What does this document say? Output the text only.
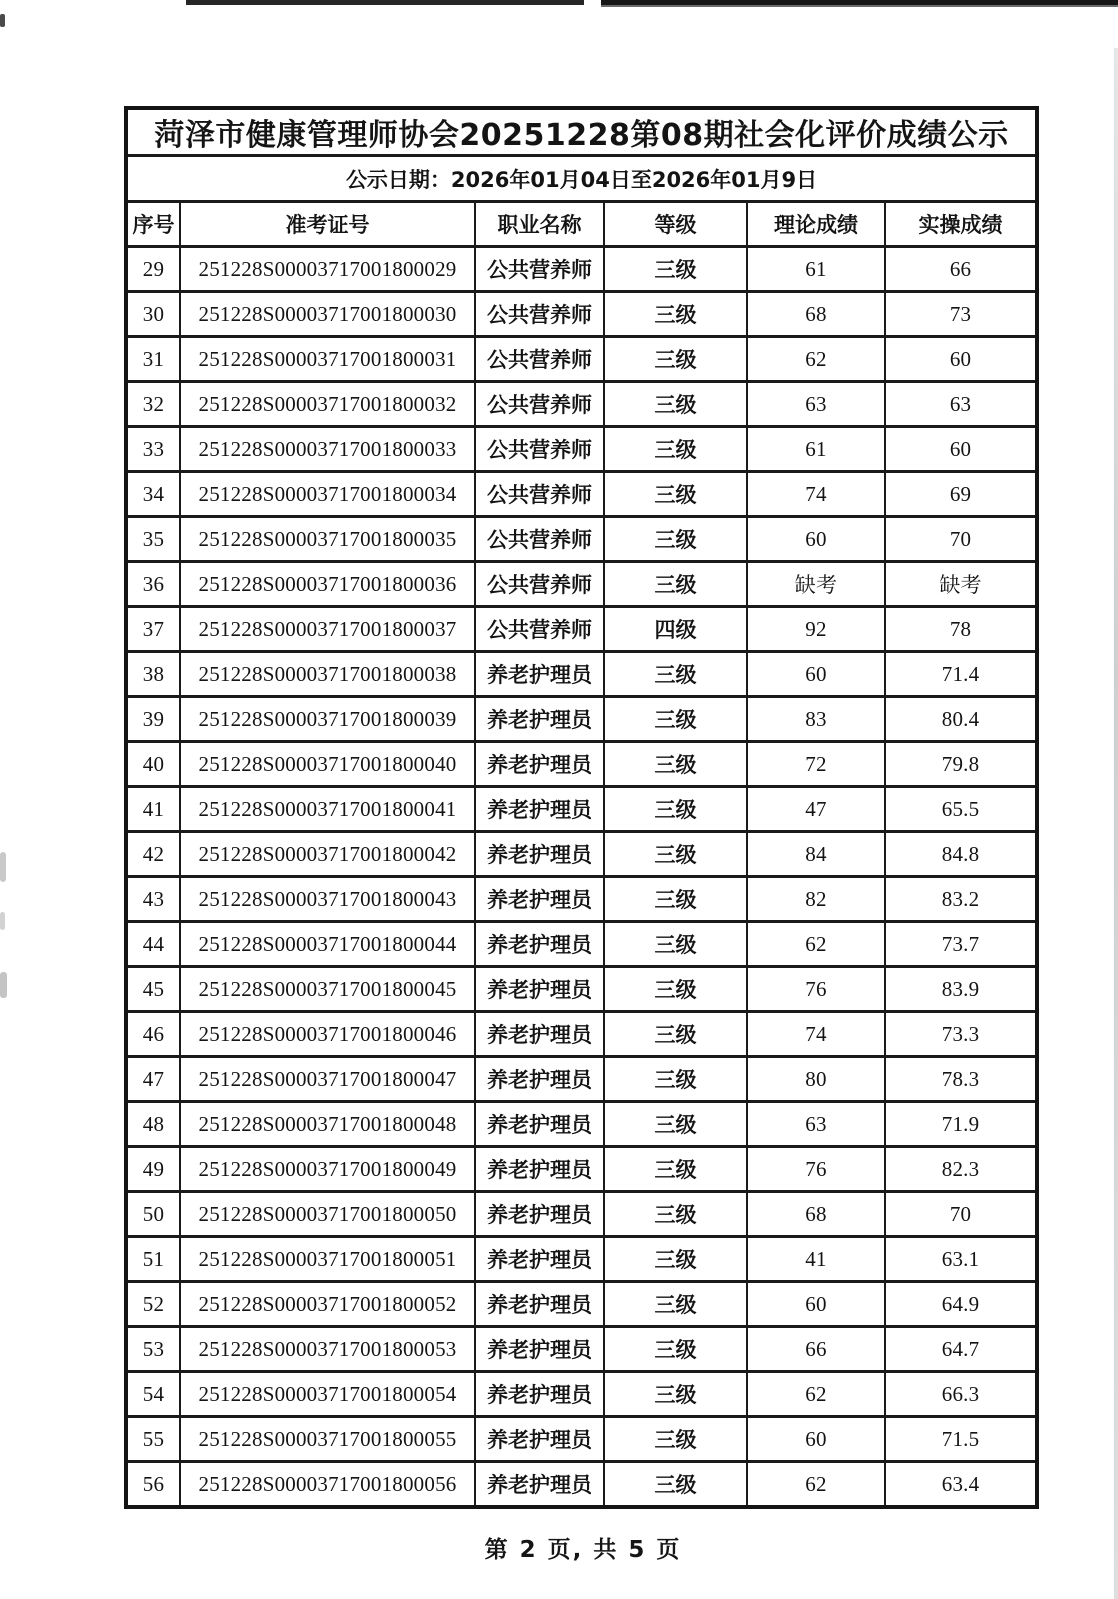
菏泽市健康管理师协会20251228第08期社会化评价成绩公示					
公示日期：2026年01月04日至2026年01月9日					
序号	准考证号	职业名称	等级	理论成绩	实操成绩
29	251228S00003717001800029	公共营养师	三级	61	66
30	251228S00003717001800030	公共营养师	三级	68	73
31	251228S00003717001800031	公共营养师	三级	62	60
32	251228S00003717001800032	公共营养师	三级	63	63
33	251228S00003717001800033	公共营养师	三级	61	60
34	251228S00003717001800034	公共营养师	三级	74	69
35	251228S00003717001800035	公共营养师	三级	60	70
36	251228S00003717001800036	公共营养师	三级	缺考	缺考
37	251228S00003717001800037	公共营养师	四级	92	78
38	251228S00003717001800038	养老护理员	三级	60	71.4
39	251228S00003717001800039	养老护理员	三级	83	80.4
40	251228S00003717001800040	养老护理员	三级	72	79.8
41	251228S00003717001800041	养老护理员	三级	47	65.5
42	251228S00003717001800042	养老护理员	三级	84	84.8
43	251228S00003717001800043	养老护理员	三级	82	83.2
44	251228S00003717001800044	养老护理员	三级	62	73.7
45	251228S00003717001800045	养老护理员	三级	76	83.9
46	251228S00003717001800046	养老护理员	三级	74	73.3
47	251228S00003717001800047	养老护理员	三级	80	78.3
48	251228S00003717001800048	养老护理员	三级	63	71.9
49	251228S00003717001800049	养老护理员	三级	76	82.3
50	251228S00003717001800050	养老护理员	三级	68	70
51	251228S00003717001800051	养老护理员	三级	41	63.1
52	251228S00003717001800052	养老护理员	三级	60	64.9
53	251228S00003717001800053	养老护理员	三级	66	64.7
54	251228S00003717001800054	养老护理员	三级	62	66.3
55	251228S00003717001800055	养老护理员	三级	60	71.5
56	251228S00003717001800056	养老护理员	三级	62	63.4
第 2 页, 共 5 页
